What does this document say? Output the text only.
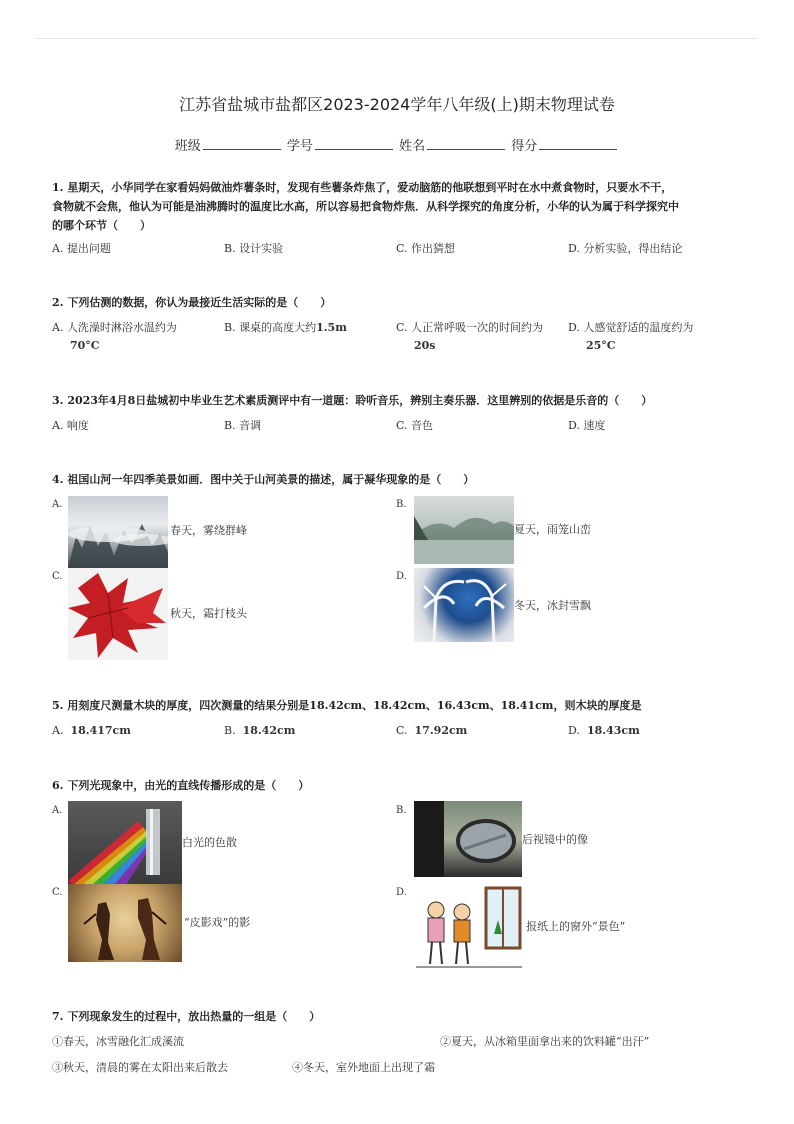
江苏省盐城市盐都区2023-2024学年八年级(上)期末物理试卷
班级	学号	姓名	得分
1. 星期天，小华同学在家看妈妈做油炸薯条时，发现有些薯条炸焦了，爱动脑筋的他联想到平时在水中煮食物时，只要水不干，
食物就不会焦，他认为可能是油沸腾时的温度比水高，所以容易把食物炸焦．从科学探究的角度分析，小华的认为属于科学探究中
的哪个环节（　　）
A. 提出问题	B. 设计实验	C. 作出猜想	D. 分析实验，得出结论
2. 下列估测的数据，你认为最接近生活实际的是（　　）
A. 人洗澡时淋浴水温约为
70°C
B. 课桌的高度大约1.5m	C. 人正常呼吸一次的时间约为
20s
D. 人感觉舒适的温度约为
25°C
3. 2023年4月8日盐城初中毕业生艺术素质测评中有一道题：聆听音乐，辨别主奏乐器．这里辨别的依据是乐音的（　　）
A. 响度	B. 音调	C. 音色	D. 速度
4. 祖国山河一年四季美景如画．图中关于山河美景的描述，属于凝华现象的是（　　）
A.
春天，雾绕群峰
B.
夏天，雨笼山峦
C.
秋天，霜打枝头
D.
冬天，冰封雪飘
5. 用刻度尺测量木块的厚度，四次测量的结果分别是18.42cm、18.42cm、16.43cm、18.41cm，则木块的厚度是
A. 18.417cm	B. 18.42cm	C. 17.92cm	D. 18.43cm
6. 下列光现象中，由光的直线传播形成的是（　　）
A.
白光的色散
B.
后视镜中的像
C.
“皮影戏”的影
D.
报纸上的窗外“景色”
7. 下列现象发生的过程中，放出热量的一组是（　　）
①春天，冰雪融化汇成溪流	②夏天，从冰箱里面拿出来的饮料罐“出汗”
③秋天，清晨的雾在太阳出来后散去	④冬天，室外地面上出现了霜
